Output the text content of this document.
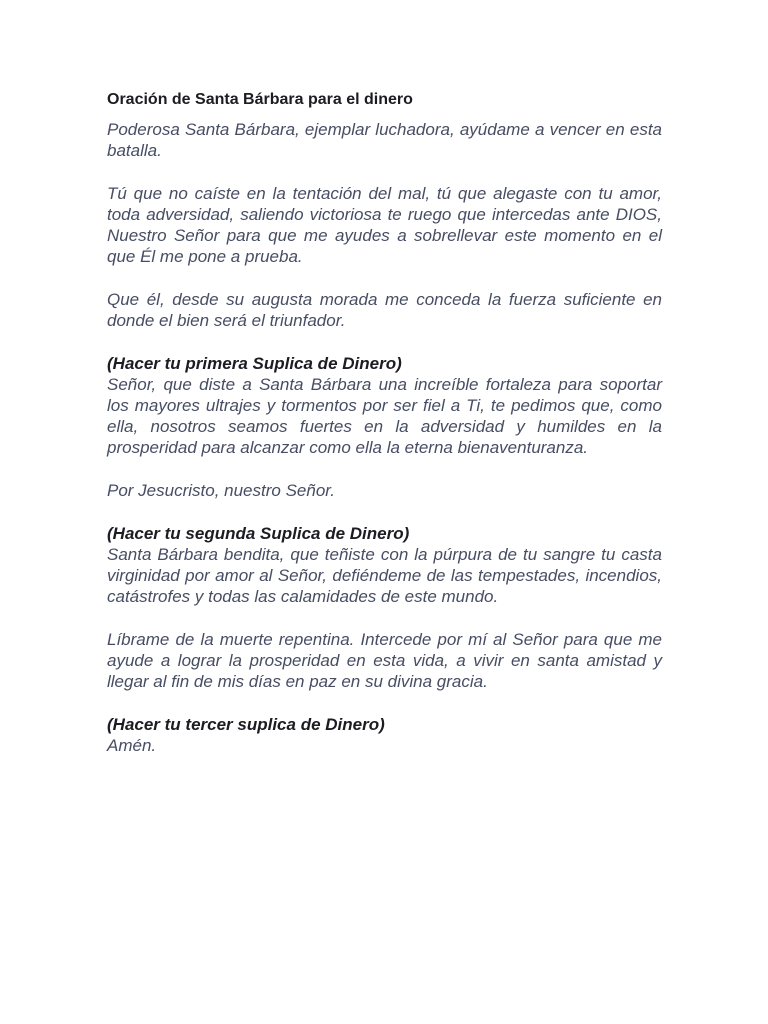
Oración de Santa Bárbara para el dinero

Poderosa Santa Bárbara, ejemplar luchadora, ayúdame a vencer en esta batalla.

Tú que no caíste en la tentación del mal, tú que alegaste con tu amor, toda adversidad, saliendo victoriosa te ruego que intercedas ante DIOS, Nuestro Señor para que me ayudes a sobrellevar este momento en el que Él me pone a prueba.

Que él, desde su augusta morada me conceda la fuerza suficiente en donde el bien será el triunfador.

(Hacer tu primera Suplica de Dinero)
Señor, que diste a Santa Bárbara una increíble fortaleza para soportar los mayores ultrajes y tormentos por ser fiel a Ti, te pedimos que, como ella, nosotros seamos fuertes en la adversidad y humildes en la prosperidad para alcanzar como ella la eterna bienaventuranza.

Por Jesucristo, nuestro Señor.

(Hacer tu segunda Suplica de Dinero)
Santa Bárbara bendita, que teñiste con la púrpura de tu sangre tu casta virginidad por amor al Señor, defiéndeme de las tempestades, incendios, catástrofes y todas las calamidades de este mundo.

Líbrame de la muerte repentina. Intercede por mí al Señor para que me ayude a lograr la prosperidad en esta vida, a vivir en santa amistad y llegar al fin de mis días en paz en su divina gracia.

(Hacer tu tercer suplica de Dinero)
Amén.
